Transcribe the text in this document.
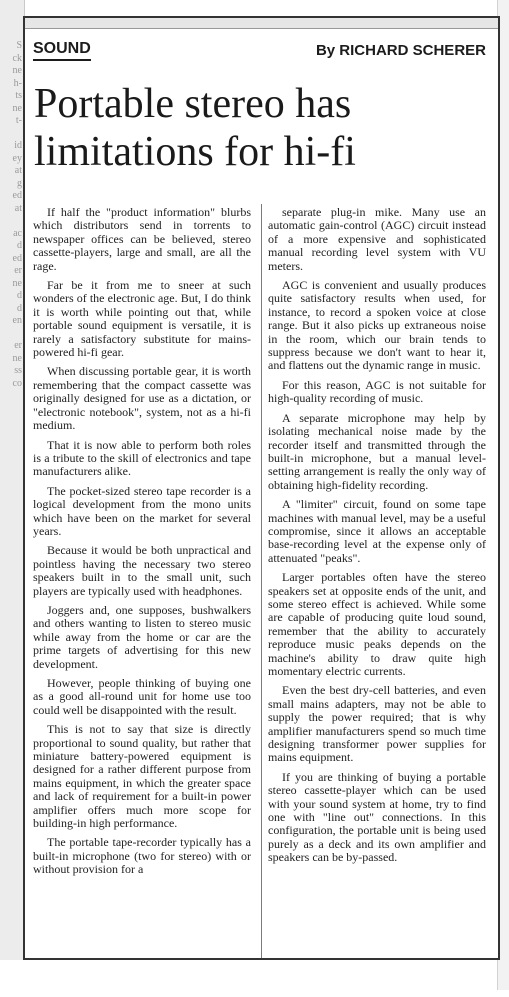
S
ck
ne
h-
ts
ne
t-
id
ey
at
g
ed
at
ac
d
ed
er
ne
d
d
en
er
ne
ss
co
SOUND	By RICHARD SCHERER
Portable stereo has limitations for hi-fi

If half the "product information" blurbs which distributors send in torrents to newspaper offices can be believed, stereo cassette-players, large and small, are all the rage.

Far be it from me to sneer at such wonders of the electronic age. But, I do think it is worth while pointing out that, while portable sound equipment is versatile, it is rarely a satisfactory substitute for mains-powered hi-fi gear.

When discussing portable gear, it is worth remembering that the compact cassette was originally designed for use as a dictation, or "electronic notebook", system, not as a hi-fi medium.

That it is now able to perform both roles is a tribute to the skill of electronics and tape manufacturers alike.

The pocket-sized stereo tape recorder is a logical development from the mono units which have been on the market for several years.

Because it would be both unpractical and pointless having the necessary two stereo speakers built in to the small unit, such players are typically used with headphones.

Joggers and, one supposes, bushwalkers and others wanting to listen to stereo music while away from the home or car are the prime targets of advertising for this new development.

However, people thinking of buying one as a good all-round unit for home use too could well be disappointed with the result.

This is not to say that size is directly proportional to sound quality, but rather that miniature battery-powered equipment is designed for a rather different purpose from mains equipment, in which the greater space and lack of requirement for a built-in power amplifier offers much more scope for building-in high performance.

The portable tape-recorder typically has a built-in microphone (two for stereo) with or without provision for a

separate plug-in mike. Many use an automatic gain-control (AGC) circuit instead of a more expensive and sophisticated manual recording level system with VU meters.

AGC is convenient and usually produces quite satisfactory results when used, for instance, to record a spoken voice at close range. But it also picks up extraneous noise in the room, which our brain tends to suppress because we don't want to hear it, and flattens out the dynamic range in music.

For this reason, AGC is not suitable for high-quality recording of music.

A separate microphone may help by isolating mechanical noise made by the recorder itself and transmitted through the built-in microphone, but a manual level-setting arrangement is really the only way of obtaining high-fidelity recording.

A "limiter" circuit, found on some tape machines with manual level, may be a useful compromise, since it allows an acceptable base-recording level at the expense only of attenuated "peaks".

Larger portables often have the stereo speakers set at opposite ends of the unit, and some stereo effect is achieved. While some are capable of producing quite loud sound, remember that the ability to accurately reproduce music peaks depends on the machine's ability to draw quite high momentary electric currents.

Even the best dry-cell batteries, and even small mains adapters, may not be able to supply the power required; that is why amplifier manufacturers spend so much time designing transformer power supplies for mains equipment.

If you are thinking of buying a portable stereo cassette-player which can be used with your sound system at home, try to find one with "line out" connections. In this configuration, the portable unit is being used purely as a deck and its own amplifier and speakers can be by-passed.
